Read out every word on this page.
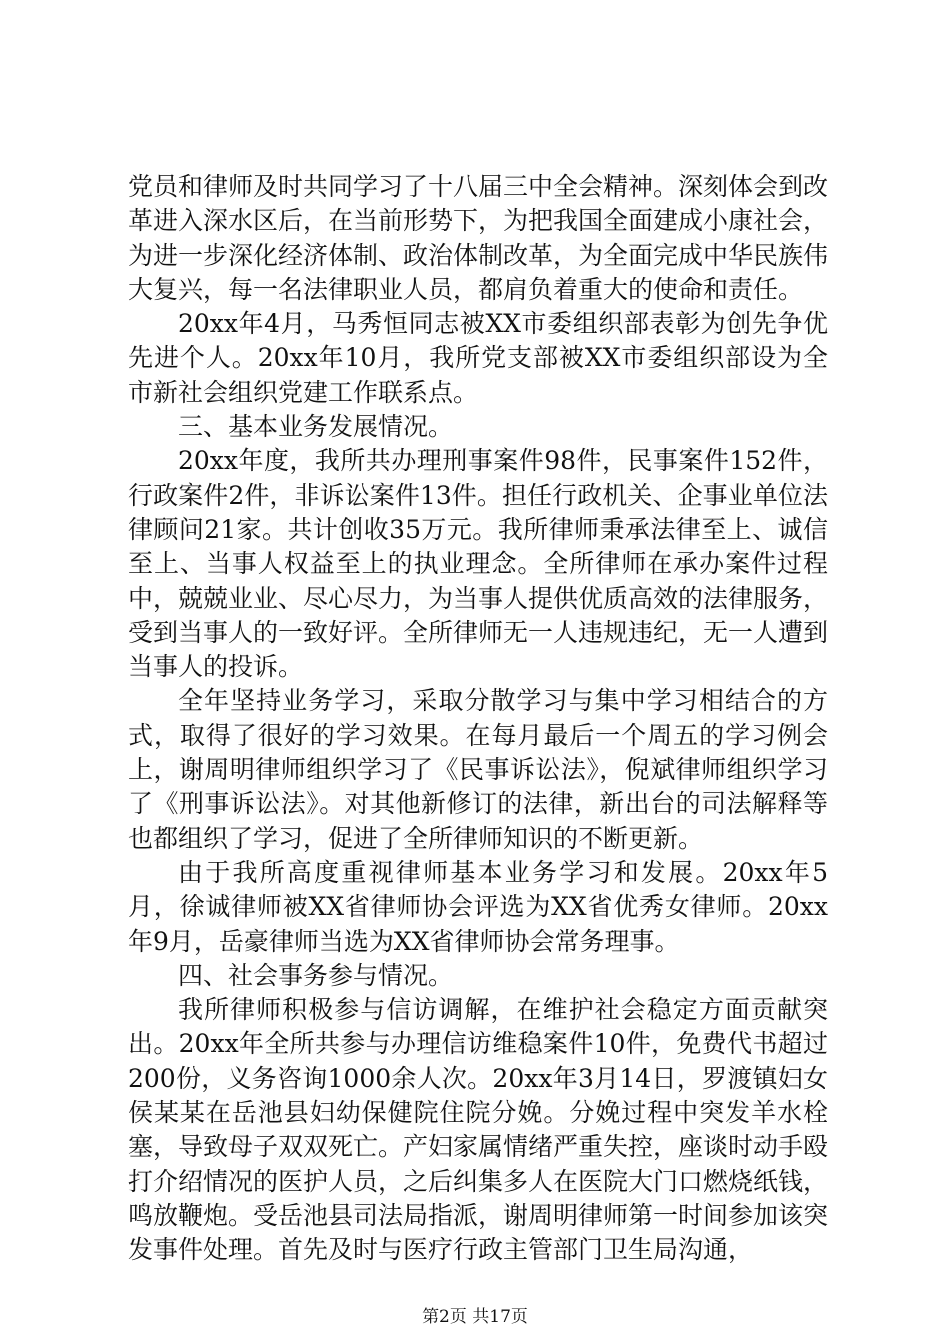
党员和律师及时共同学习了十八届三中全会精神。深刻体会到改革进入深水区后，在当前形势下，为把我国全面建成小康社会，为进一步深化经济体制、政治体制改革，为全面完成中华民族伟大复兴，每一名法律职业人员，都肩负着重大的使命和责任。

20xx年4月，马秀恒同志被XX市委组织部表彰为创先争优先进个人。20xx年10月，我所党支部被XX市委组织部设为全市新社会组织党建工作联系点。

三、基本业务发展情况。

20xx年度，我所共办理刑事案件98件，民事案件152件，行政案件2件，非诉讼案件13件。担任行政机关、企事业单位法律顾问21家。共计创收35万元。我所律师秉承法律至上、诚信至上、当事人权益至上的执业理念。全所律师在承办案件过程中，兢兢业业、尽心尽力，为当事人提供优质高效的法律服务，受到当事人的一致好评。全所律师无一人违规违纪，无一人遭到当事人的投诉。

全年坚持业务学习，采取分散学习与集中学习相结合的方式，取得了很好的学习效果。在每月最后一个周五的学习例会上，谢周明律师组织学习了《民事诉讼法》，倪斌律师组织学习了《刑事诉讼法》。对其他新修订的法律，新出台的司法解释等也都组织了学习，促进了全所律师知识的不断更新。

由于我所高度重视律师基本业务学习和发展。20xx年5月，徐诚律师被XX省律师协会评选为XX省优秀女律师。20xx年9月，岳豪律师当选为XX省律师协会常务理事。

四、社会事务参与情况。

我所律师积极参与信访调解，在维护社会稳定方面贡献突出。20xx年全所共参与办理信访维稳案件10件，免费代书超过200份，义务咨询1000余人次。20xx年3月14日，罗渡镇妇女侯某某在岳池县妇幼保健院住院分娩。分娩过程中突发羊水栓塞，导致母子双双死亡。产妇家属情绪严重失控，座谈时动手殴打介绍情况的医护人员，之后纠集多人在医院大门口燃烧纸钱，鸣放鞭炮。受岳池县司法局指派，谢周明律师第一时间参加该突发事件处理。首先及时与医疗行政主管部门卫生局沟通，

第2页 共17页
